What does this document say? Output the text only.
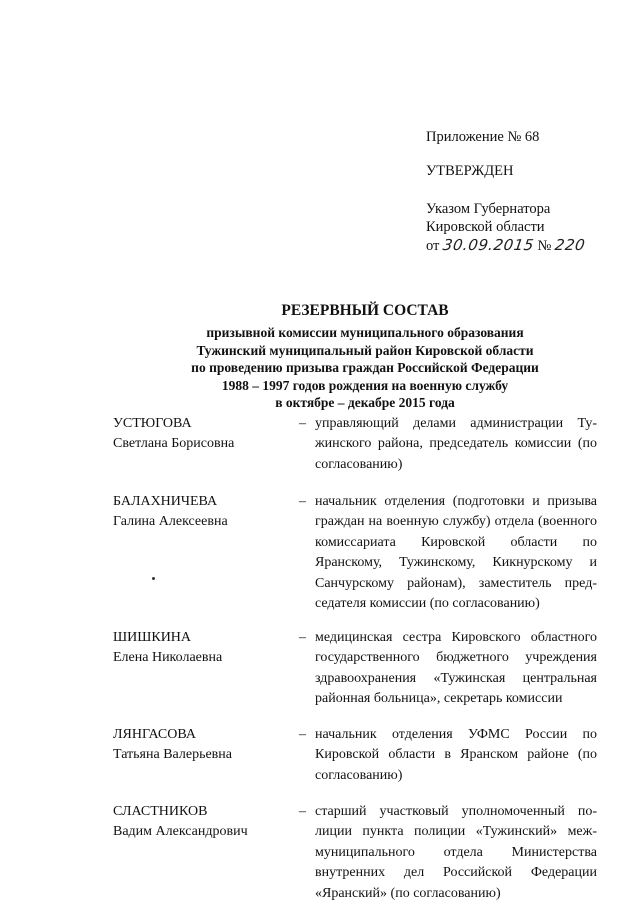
Приложение № 68
УТВЕРЖДЕН
Указом Губернатора
Кировской области
от 30.09.2015 № 220
РЕЗЕРВНЫЙ СОСТАВ
призывной комиссии муниципального образования
Тужинский муниципальный район Кировской области
по проведению призыва граждан Российской Федерации
1988 – 1997 годов рождения на военную службу
в октябре – декабре 2015 года
УСТЮГОВА
Светлана Борисовна
– управляющий делами администрации Тужинского района, председатель комиссии (по согласованию)
БАЛАХНИЧЕВА
Галина Алексеевна
– начальник отделения (подготовки и призыва граждан на военную службу) отдела (военного комиссариата Кировской области по Яранскому, Тужинскому, Кикнурскому и Санчурскому районам), заместитель председателя комиссии (по согласованию)
ШИШКИНА
Елена Николаевна
– медицинская сестра Кировского областного государственного бюджетного учреждения здравоохранения «Тужинская центральная районная больница», секретарь комиссии
ЛЯНГАСОВА
Татьяна Валерьевна
– начальник отделения УФМС России по Кировской области в Яранском районе (по согласованию)
СЛАСТНИКОВ
Вадим Александрович
– старший участковый уполномоченный полиции пункта полиции «Тужинский» межмуниципального отдела Министерства внутренних дел Российской Федерации «Яранский» (по согласованию)
